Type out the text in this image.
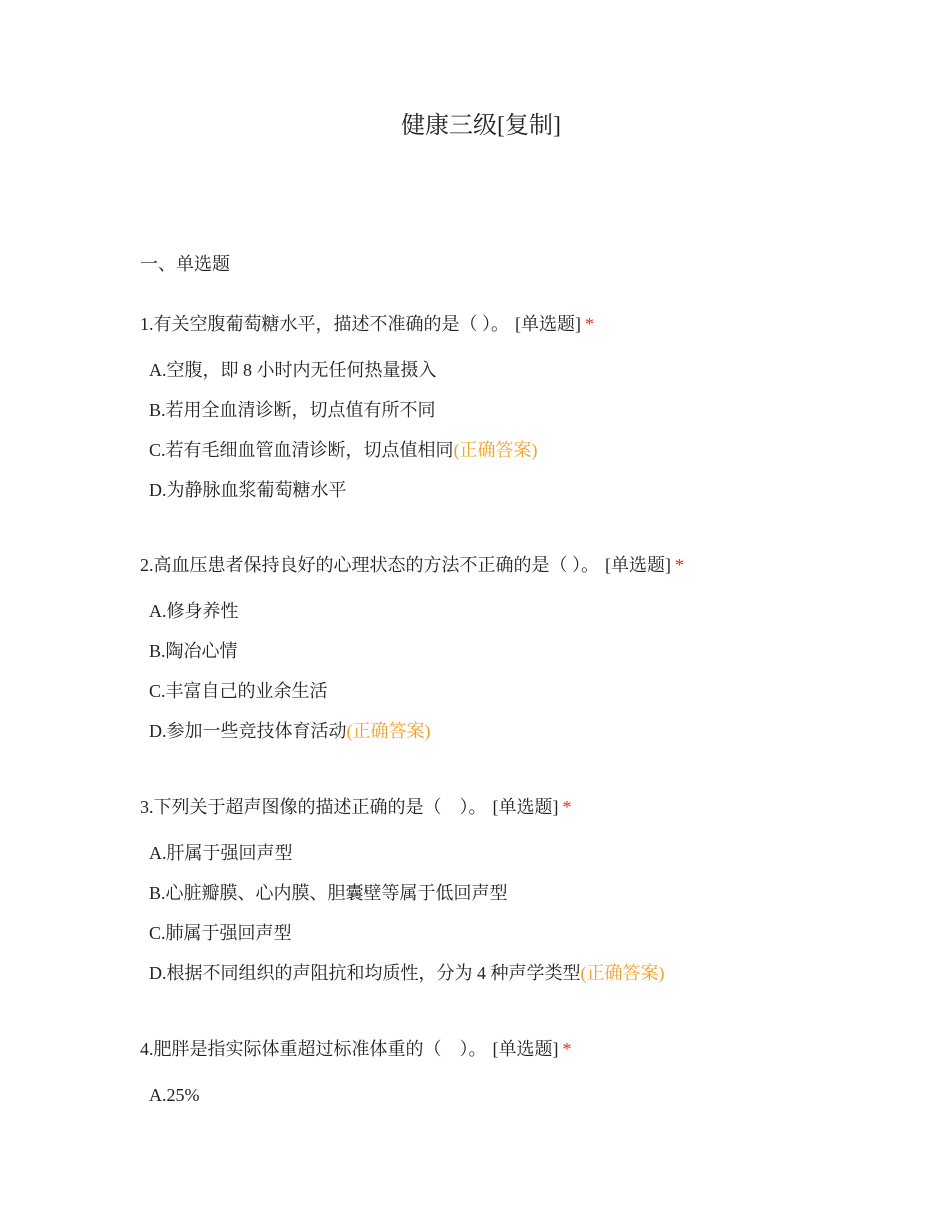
健康三级[复制]
一、单选题
1.有关空腹葡萄糖水平，描述不准确的是（ ）。 [单选题] *
A.空腹，即 8 小时内无任何热量摄入
B.若用全血清诊断，切点值有所不同
C.若有毛细血管血清诊断，切点值相同(正确答案)
D.为静脉血浆葡萄糖水平
2.高血压患者保持良好的心理状态的方法不正确的是（ ）。 [单选题] *
A.修身养性
B.陶冶心情
C.丰富自己的业余生活
D.参加一些竞技体育活动(正确答案)
3.下列关于超声图像的描述正确的是（　）。 [单选题] *
A.肝属于强回声型
B.心脏瓣膜、心内膜、胆囊壁等属于低回声型
C.肺属于强回声型
D.根据不同组织的声阻抗和均质性，分为 4 种声学类型(正确答案)
4.肥胖是指实际体重超过标准体重的（　）。 [单选题] *
A.25%
